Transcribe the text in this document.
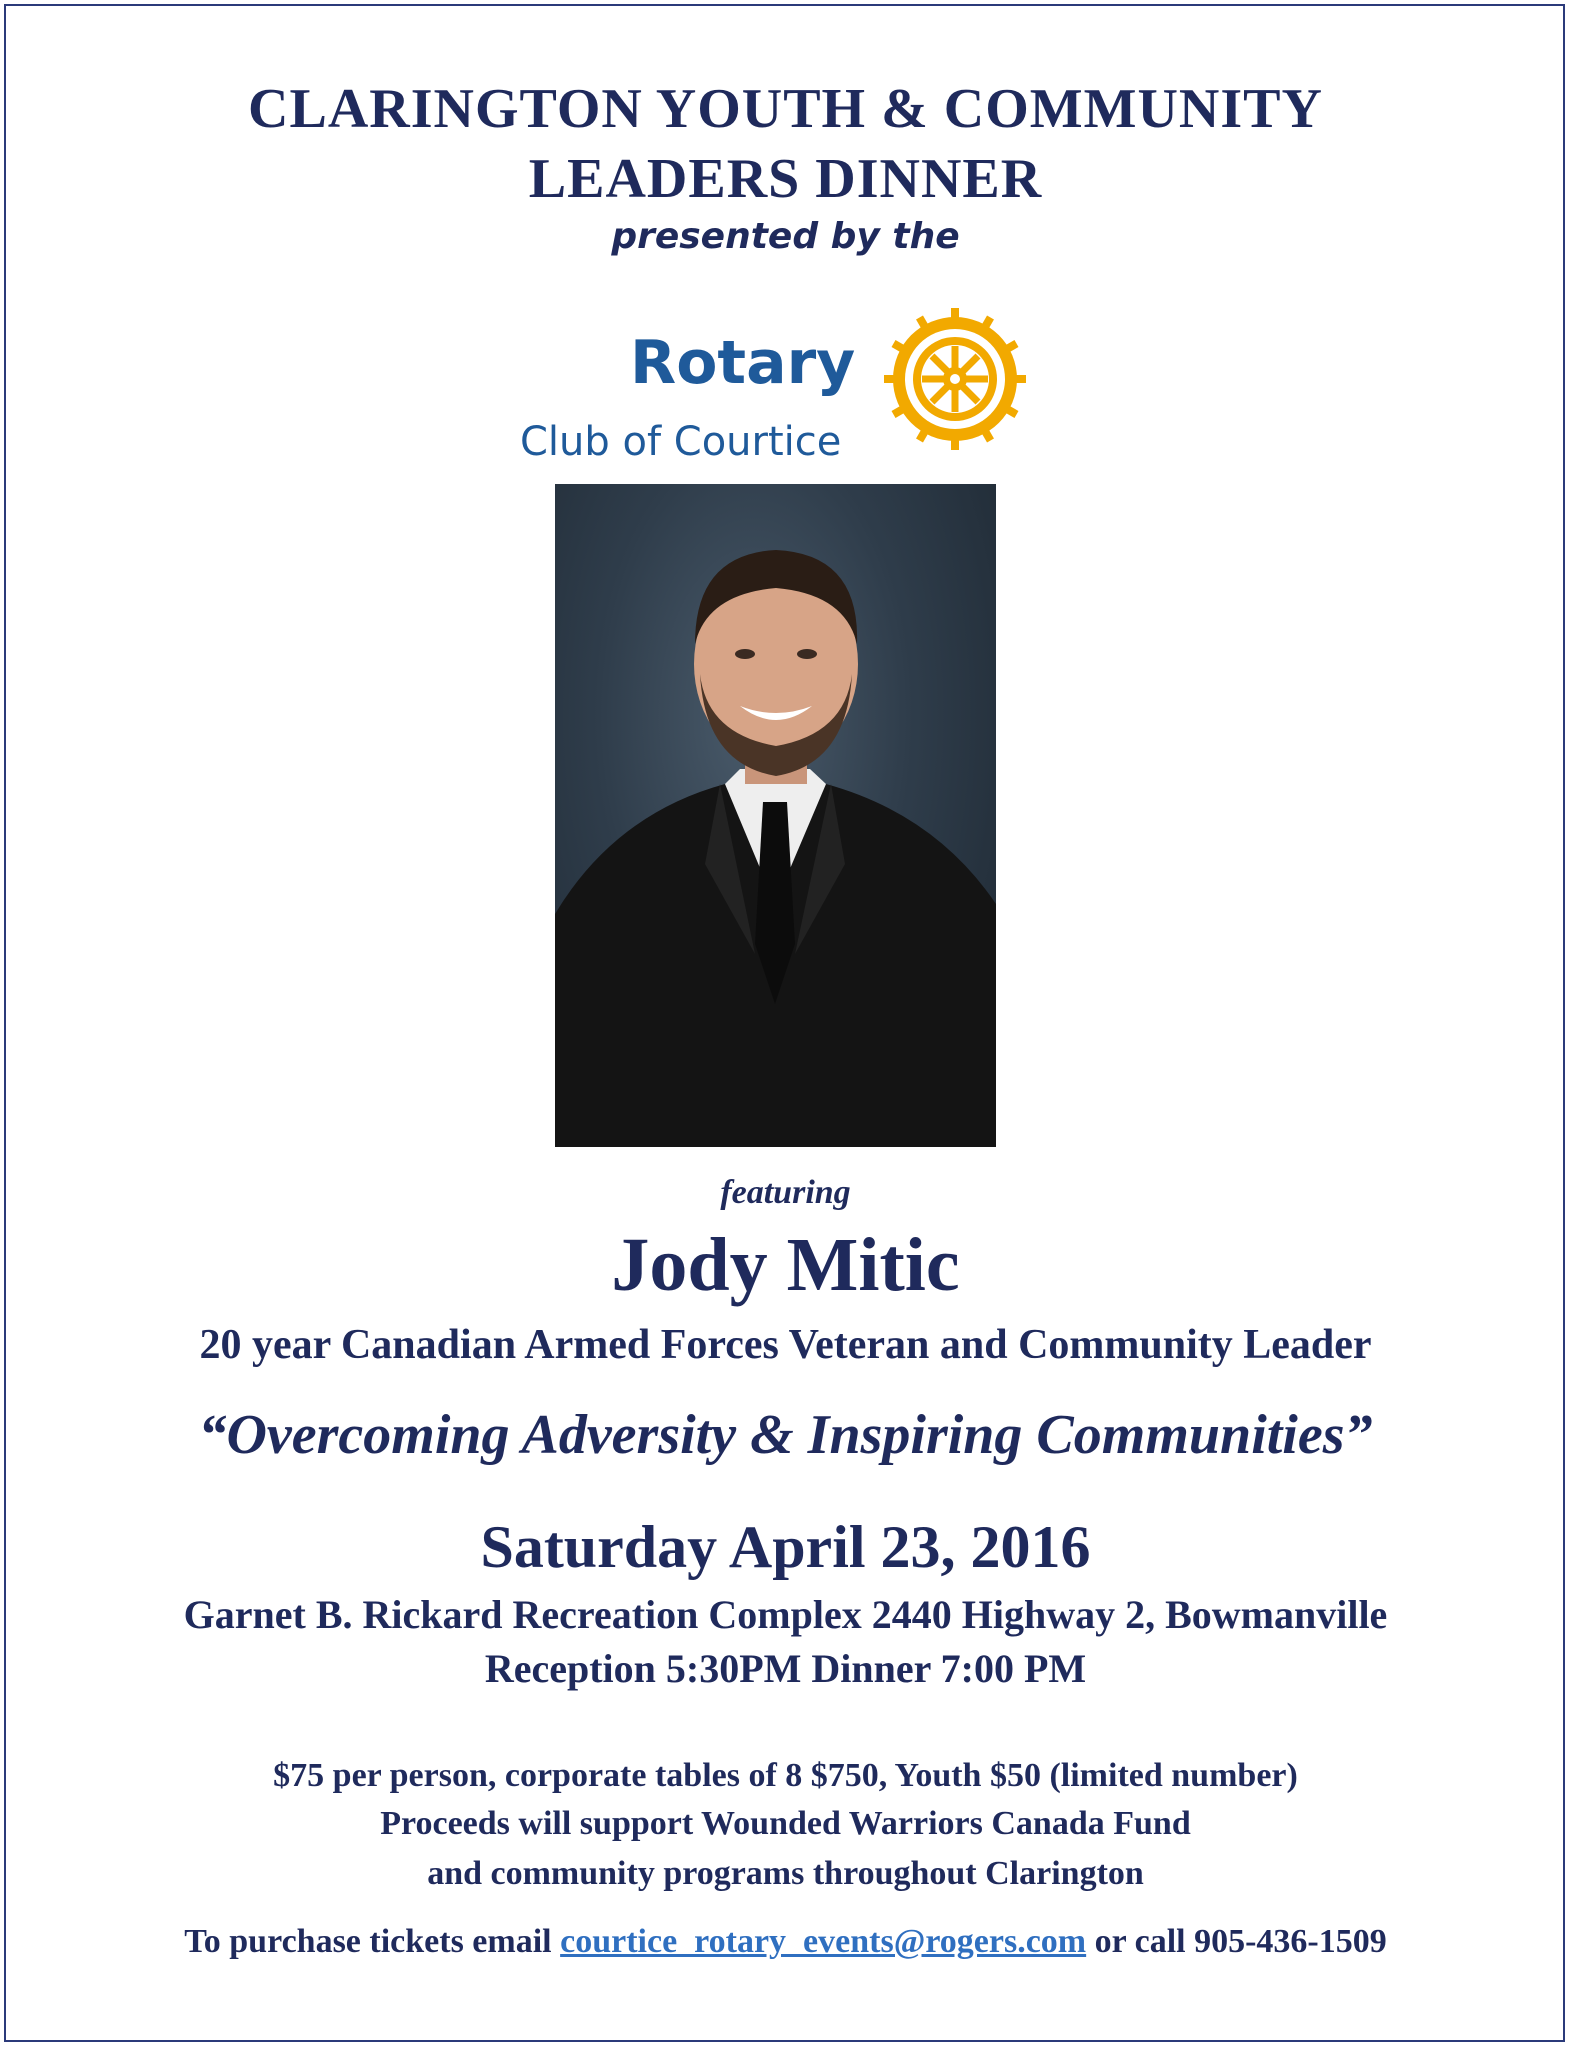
CLARINGTON YOUTH & COMMUNITY
LEADERS DINNER
presented by the
Rotary
Club of Courtice
featuring
Jody Mitic
20 year Canadian Armed Forces Veteran and Community Leader
“Overcoming Adversity & Inspiring Communities”
Saturday April 23, 2016
Garnet B. Rickard Recreation Complex 2440 Highway 2, Bowmanville
Reception 5:30PM Dinner 7:00 PM
$75 per person, corporate tables of 8 $750, Youth $50 (limited number)
Proceeds will support Wounded Warriors Canada Fund
and community programs throughout Clarington
To purchase tickets email courtice_rotary_events@rogers.com or call 905-436-1509
